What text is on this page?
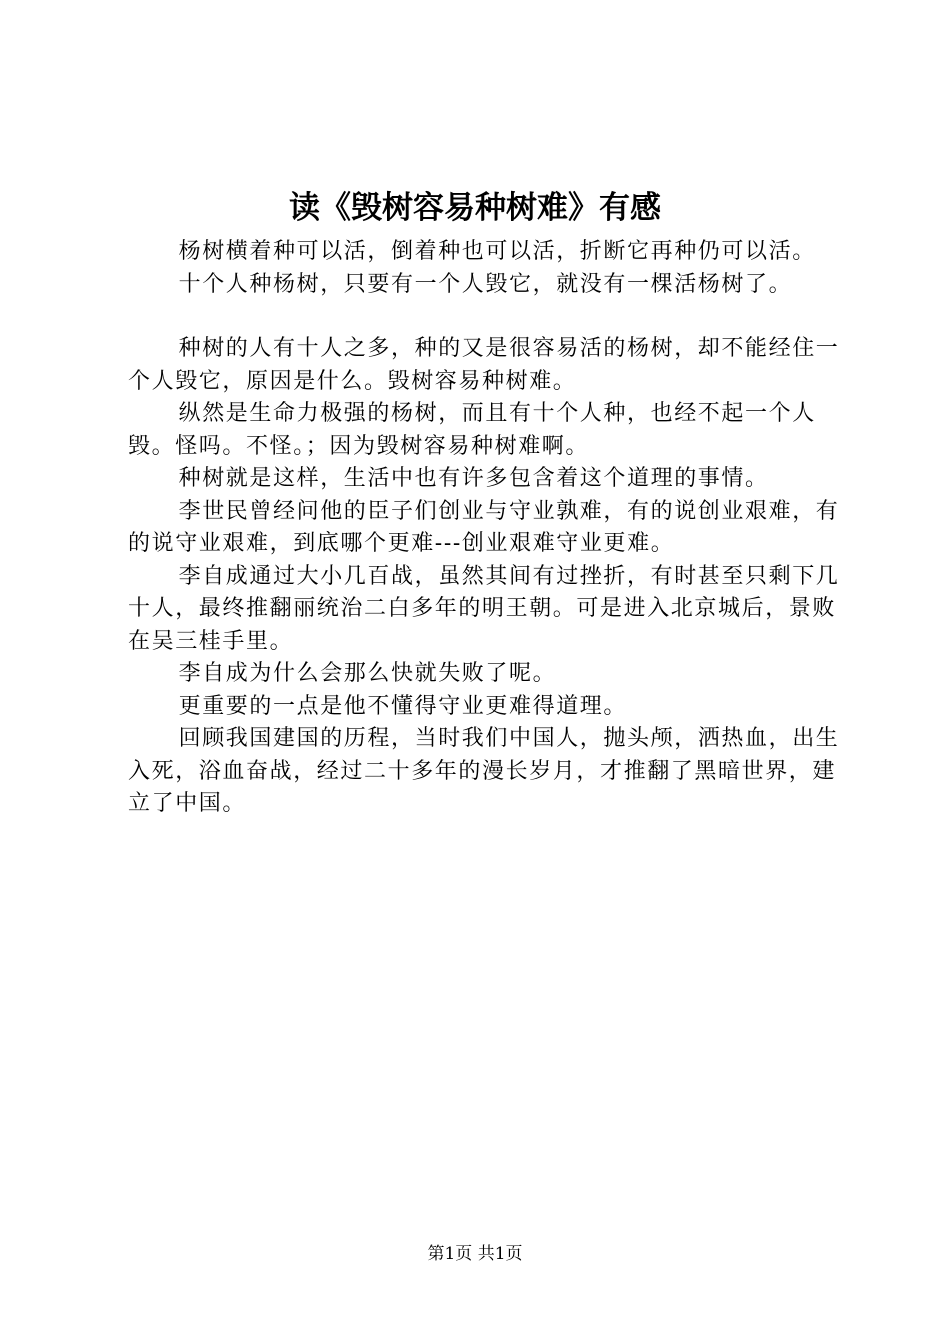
读《毁树容易种树难》有感

杨树横着种可以活，倒着种也可以活，折断它再种仍可以活。

十个人种杨树，只要有一个人毁它，就没有一棵活杨树了。

种树的人有十人之多，种的又是很容易活的杨树，却不能经住一个人毁它，原因是什么。毁树容易种树难。

纵然是生命力极强的杨树，而且有十个人种，也经不起一个人毁。怪吗。不怪。；因为毁树容易种树难啊。

种树就是这样，生活中也有许多包含着这个道理的事情。

李世民曾经问他的臣子们创业与守业孰难，有的说创业艰难，有的说守业艰难，到底哪个更难---创业艰难守业更难。

李自成通过大小几百战，虽然其间有过挫折，有时甚至只剩下几十人，最终推翻丽统治二白多年的明王朝。可是进入北京城后，景败在吴三桂手里。

李自成为什么会那么快就失败了呢。

更重要的一点是他不懂得守业更难得道理。

回顾我国建国的历程，当时我们中国人，抛头颅，洒热血，出生入死，浴血奋战，经过二十多年的漫长岁月，才推翻了黑暗世界，建立了中国。

第1页 共1页
